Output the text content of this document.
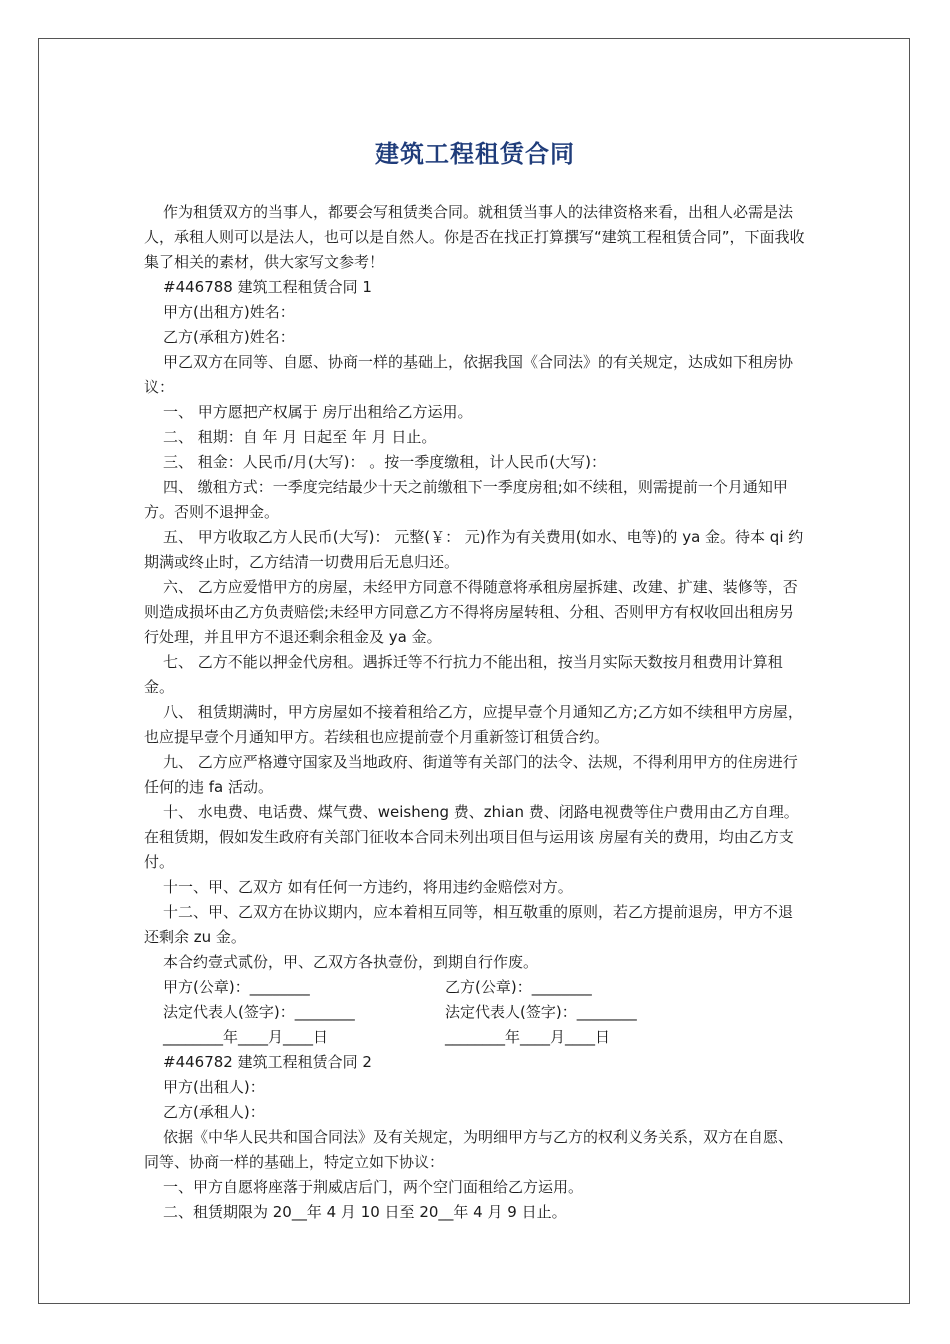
建筑工程租赁合同

作为租赁双方的当事人，都要会写租赁类合同。就租赁当事人的法律资格来看，出租人必需是法人，承租人则可以是法人，也可以是自然人。你是否在找正打算撰写“建筑工程租赁合同”，下面我收集了相关的素材，供大家写文参考！

#446788 建筑工程租赁合同 1

甲方(出租方)姓名：

乙方(承租方)姓名：

甲乙双方在同等、自愿、协商一样的基础上，依据我国《合同法》的有关规定，达成如下租房协议：

一、 甲方愿把产权属于 房厅出租给乙方运用。

二、 租期：自 年 月 日起至 年 月 日止。

三、 租金：人民币/月(大写)： 。按一季度缴租，计人民币(大写)：

四、 缴租方式：一季度完结最少十天之前缴租下一季度房租;如不续租，则需提前一个月通知甲方。否则不退押金。

五、 甲方收取乙方人民币(大写)： 元整(￥： 元)作为有关费用(如水、电等)的 ya 金。待本 qi 约期满或终止时，乙方结清一切费用后无息归还。

六、 乙方应爱惜甲方的房屋，未经甲方同意不得随意将承租房屋拆建、改建、扩建、装修等，否则造成损坏由乙方负责赔偿;未经甲方同意乙方不得将房屋转租、分租、否则甲方有权收回出租房另行处理，并且甲方不退还剩余租金及 ya 金。

七、 乙方不能以押金代房租。遇拆迁等不行抗力不能出租，按当月实际天数按月租费用计算租金。

八、 租赁期满时，甲方房屋如不接着租给乙方，应提早壹个月通知乙方;乙方如不续租甲方房屋，也应提早壹个月通知甲方。若续租也应提前壹个月重新签订租赁合约。

九、 乙方应严格遵守国家及当地政府、街道等有关部门的法令、法规，不得利用甲方的住房进行任何的违 fa 活动。

十、 水电费、电话费、煤气费、weisheng 费、zhian 费、闭路电视费等住户费用由乙方自理。在租赁期，假如发生政府有关部门征收本合同未列出项目但与运用该 房屋有关的费用，均由乙方支付。

十一、甲、乙双方 如有任何一方违约，将用违约金赔偿对方。

十二、甲、乙双方在协议期内，应本着相互同等，相互敬重的原则，若乙方提前退房，甲方不退还剩余 zu 金。

本合约壹式贰份，甲、乙双方各执壹份，到期自行作废。

甲方(公章)：________	乙方(公章)：________
法定代表人(签字)：________	法定代表人(签字)：________
________年____月____日	________年____月____日

#446782 建筑工程租赁合同 2

甲方(出租人)：

乙方(承租人)：

依据《中华人民共和国合同法》及有关规定，为明细甲方与乙方的权利义务关系，双方在自愿、同等、协商一样的基础上，特定立如下协议：

一、甲方自愿将座落于荆威店后门，两个空门面租给乙方运用。

二、租赁期限为 20__年 4 月 10 日至 20__年 4 月 9 日止。
